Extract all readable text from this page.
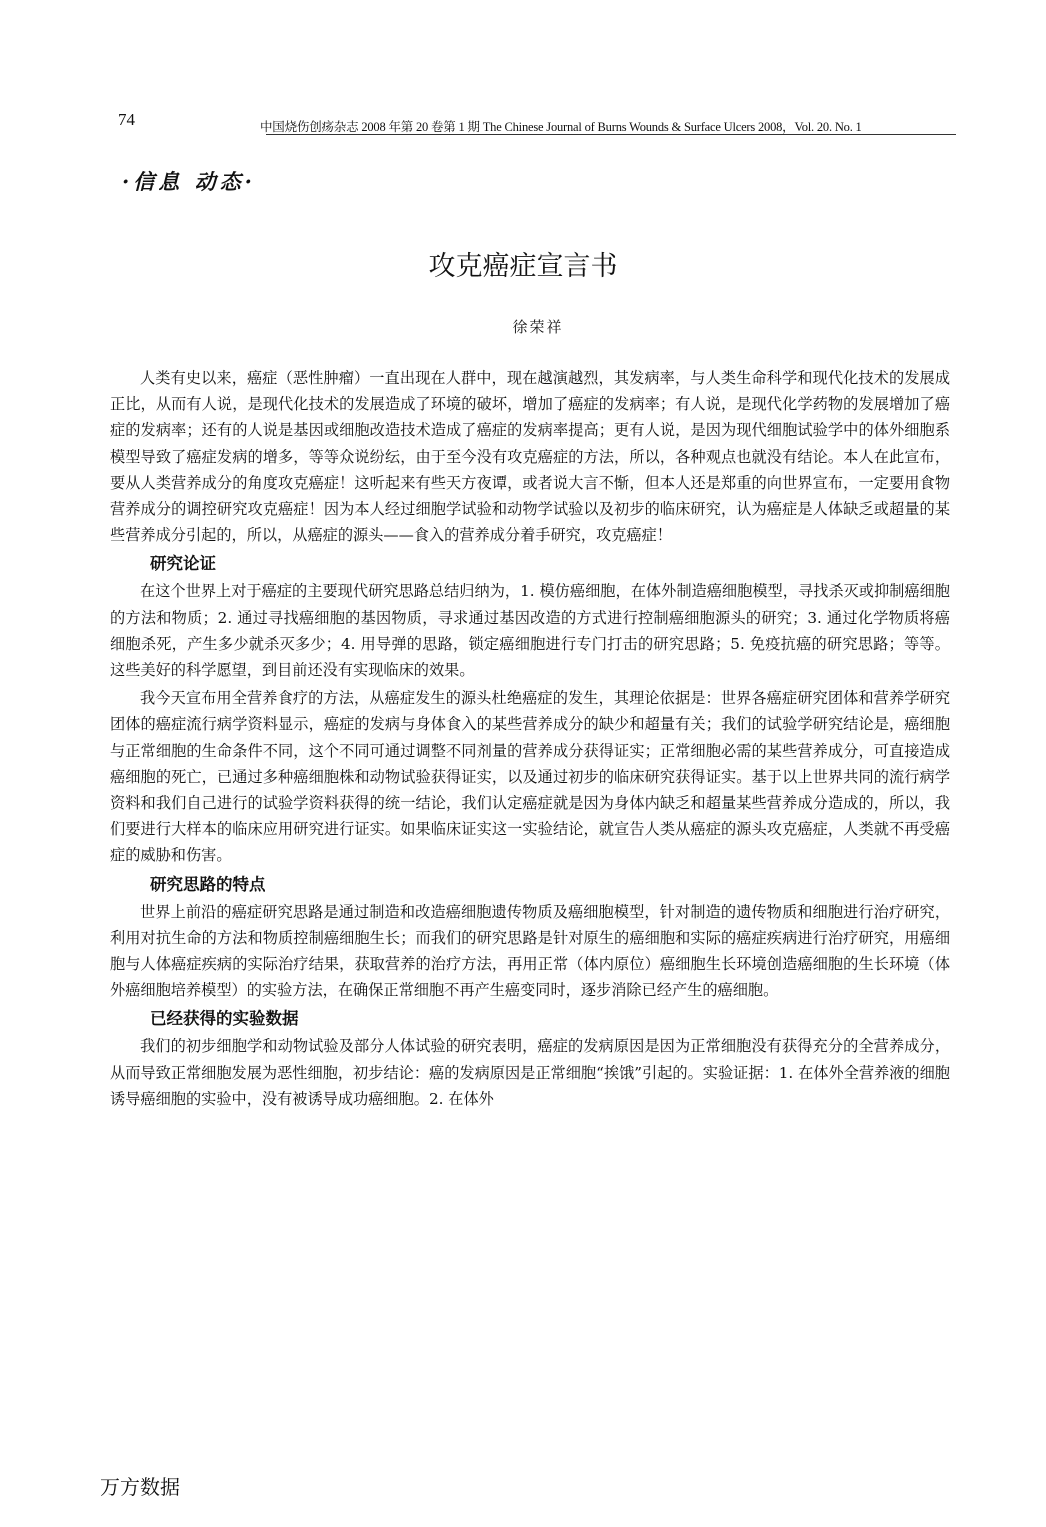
74	中国烧伤创疡杂志 2008 年第 20 卷第 1 期 The Chinese Journal of Burns Wounds & Surface Ulcers 2008，Vol. 20. No. 1
·信息 动态·
攻克癌症宣言书
徐荣祥

人类有史以来，癌症（恶性肿瘤）一直出现在人群中，现在越演越烈，其发病率，与人类生命科学和现代化技术的发展成正比，从而有人说，是现代化技术的发展造成了环境的破坏，增加了癌症的发病率；有人说，是现代化学药物的发展增加了癌症的发病率；还有的人说是基因或细胞改造技术造成了癌症的发病率提高；更有人说，是因为现代细胞试验学中的体外细胞系模型导致了癌症发病的增多，等等众说纷纭，由于至今没有攻克癌症的方法，所以，各种观点也就没有结论。本人在此宣布，要从人类营养成分的角度攻克癌症！这听起来有些天方夜谭，或者说大言不惭，但本人还是郑重的向世界宣布，一定要用食物营养成分的调控研究攻克癌症！因为本人经过细胞学试验和动物学试验以及初步的临床研究，认为癌症是人体缺乏或超量的某些营养成分引起的，所以，从癌症的源头——食入的营养成分着手研究，攻克癌症！

研究论证

在这个世界上对于癌症的主要现代研究思路总结归纳为，1. 模仿癌细胞，在体外制造癌细胞模型，寻找杀灭或抑制癌细胞的方法和物质；2. 通过寻找癌细胞的基因物质，寻求通过基因改造的方式进行控制癌细胞源头的研究；3. 通过化学物质将癌细胞杀死，产生多少就杀灭多少；4. 用导弹的思路，锁定癌细胞进行专门打击的研究思路；5. 免疫抗癌的研究思路；等等。这些美好的科学愿望，到目前还没有实现临床的效果。

我今天宣布用全营养食疗的方法，从癌症发生的源头杜绝癌症的发生，其理论依据是：世界各癌症研究团体和营养学研究团体的癌症流行病学资料显示，癌症的发病与身体食入的某些营养成分的缺少和超量有关；我们的试验学研究结论是，癌细胞与正常细胞的生命条件不同，这个不同可通过调整不同剂量的营养成分获得证实；正常细胞必需的某些营养成分，可直接造成癌细胞的死亡，已通过多种癌细胞株和动物试验获得证实，以及通过初步的临床研究获得证实。基于以上世界共同的流行病学资料和我们自己进行的试验学资料获得的统一结论，我们认定癌症就是因为身体内缺乏和超量某些营养成分造成的，所以，我们要进行大样本的临床应用研究进行证实。如果临床证实这一实验结论，就宣告人类从癌症的源头攻克癌症，人类就不再受癌症的威胁和伤害。

研究思路的特点

世界上前沿的癌症研究思路是通过制造和改造癌细胞遗传物质及癌细胞模型，针对制造的遗传物质和细胞进行治疗研究，利用对抗生命的方法和物质控制癌细胞生长；而我们的研究思路是针对原生的癌细胞和实际的癌症疾病进行治疗研究，用癌细胞与人体癌症疾病的实际治疗结果，获取营养的治疗方法，再用正常（体内原位）癌细胞生长环境创造癌细胞的生长环境（体外癌细胞培养模型）的实验方法，在确保正常细胞不再产生癌变同时，逐步消除已经产生的癌细胞。

已经获得的实验数据

我们的初步细胞学和动物试验及部分人体试验的研究表明，癌症的发病原因是因为正常细胞没有获得充分的全营养成分，从而导致正常细胞发展为恶性细胞，初步结论：癌的发病原因是正常细胞“挨饿”引起的。实验证据：1. 在体外全营养液的细胞诱导癌细胞的实验中，没有被诱导成功癌细胞。2. 在体外

万方数据
